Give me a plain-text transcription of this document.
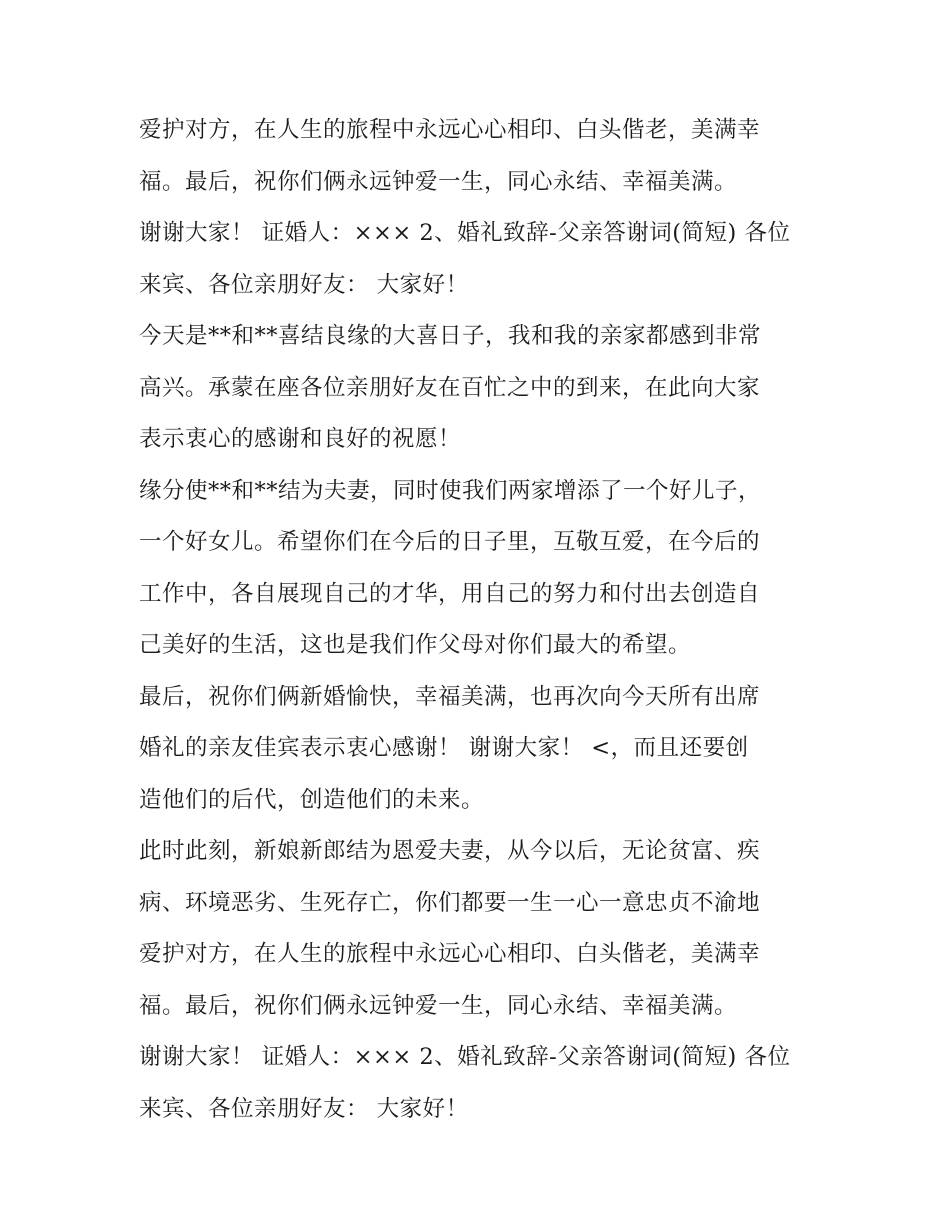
爱护对方，在人生的旅程中永远心心相印、白头偕老，美满幸
福。最后，祝你们俩永远钟爱一生，同心永结、幸福美满。
谢谢大家！ 证婚人：××× 2、婚礼致辞-父亲答谢词(简短) 各位
来宾、各位亲朋好友： 大家好！
今天是**和**喜结良缘的大喜日子，我和我的亲家都感到非常
高兴。承蒙在座各位亲朋好友在百忙之中的到来，在此向大家
表示衷心的感谢和良好的祝愿！
缘分使**和**结为夫妻，同时使我们两家增添了一个好儿子，
一个好女儿。希望你们在今后的日子里，互敬互爱，在今后的
工作中，各自展现自己的才华，用自己的努力和付出去创造自
己美好的生活，这也是我们作父母对你们最大的希望。
最后，祝你们俩新婚愉快，幸福美满，也再次向今天所有出席
婚礼的亲友佳宾表示衷心感谢！ 谢谢大家！ <，而且还要创
造他们的后代，创造他们的未来。
此时此刻，新娘新郎结为恩爱夫妻，从今以后，无论贫富、疾
病、环境恶劣、生死存亡，你们都要一生一心一意忠贞不渝地
爱护对方，在人生的旅程中永远心心相印、白头偕老，美满幸
福。最后，祝你们俩永远钟爱一生，同心永结、幸福美满。
谢谢大家！ 证婚人：××× 2、婚礼致辞-父亲答谢词(简短) 各位
来宾、各位亲朋好友： 大家好！
